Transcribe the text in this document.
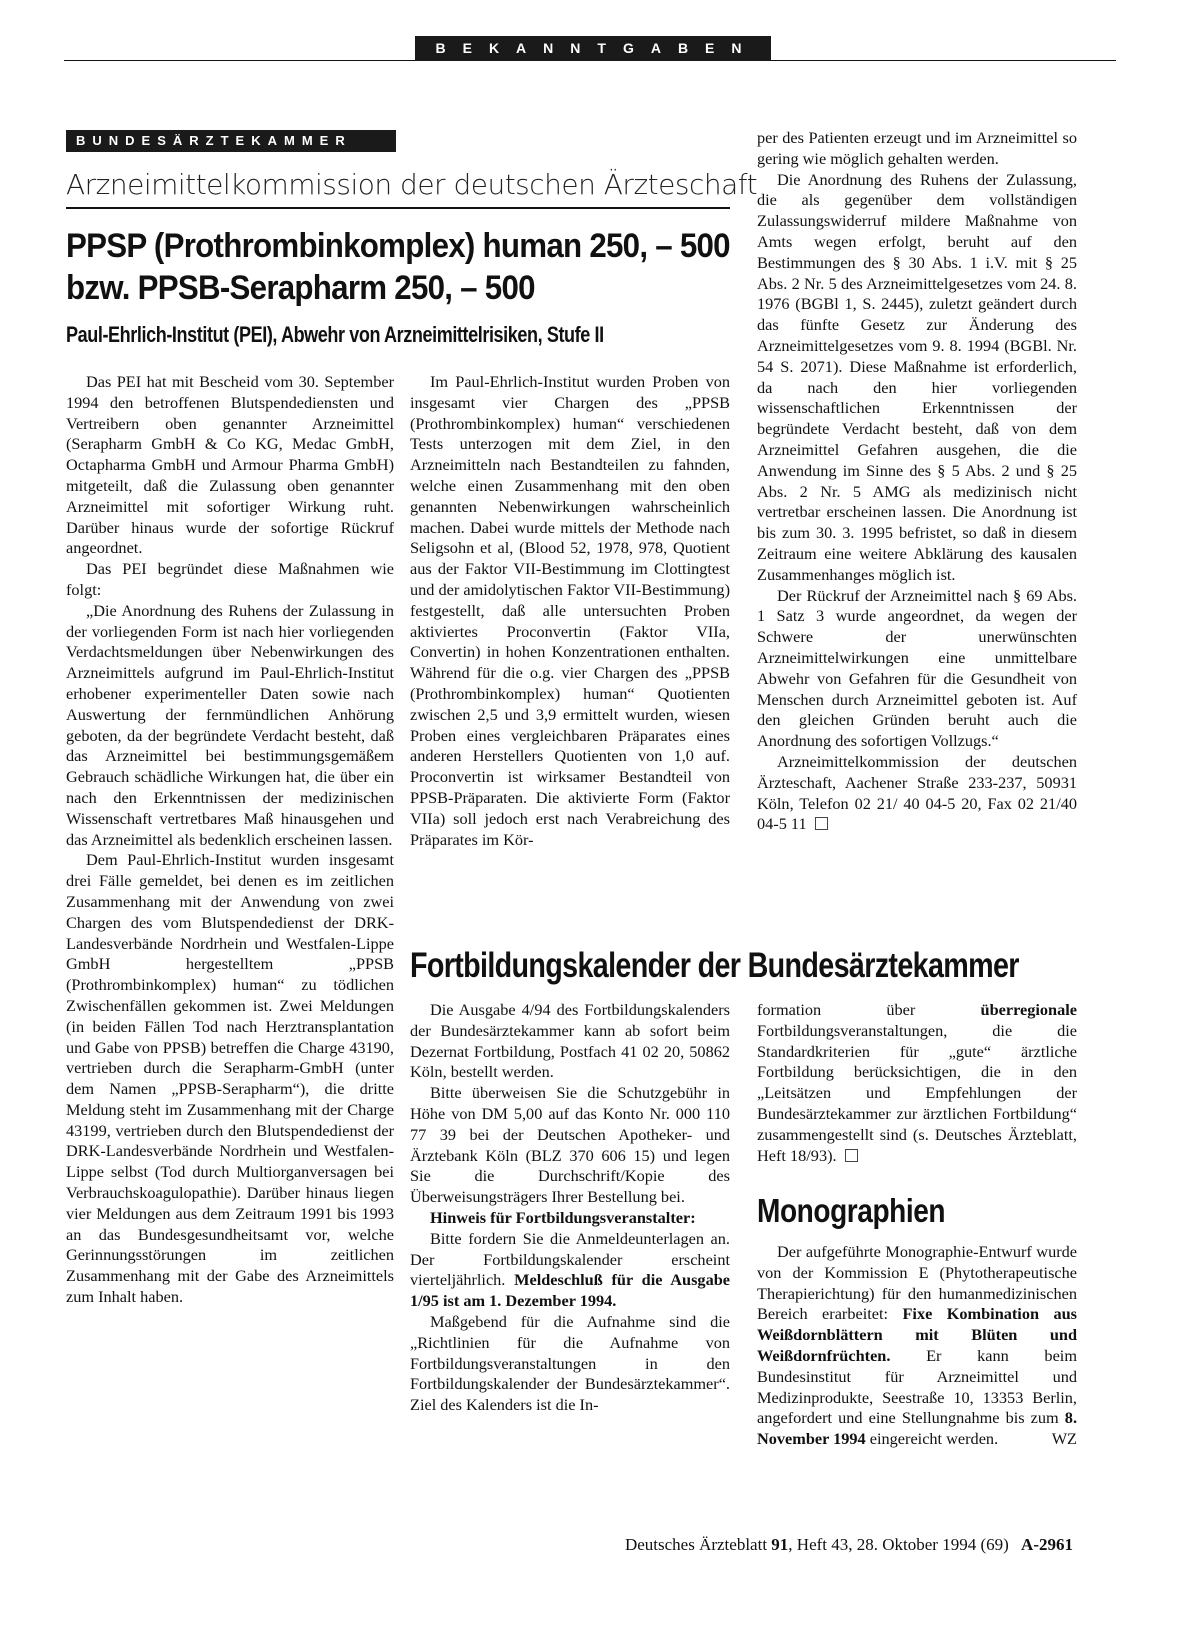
BEKANNTGABEN
BUNDESÄRZTEKAMMER
Arzneimittelkommission der deutschen Ärzteschaft
PPSP (Prothrombinkomplex) human 250, – 500
bzw. PPSB-Serapharm 250, – 500
Paul-Ehrlich-Institut (PEI), Abwehr von Arzneimittelrisiken, Stufe II

Das PEI hat mit Bescheid vom 30. September 1994 den betroffenen Blutspendediensten und Vertreibern oben genannter Arzneimittel (Serapharm GmbH & Co KG, Medac GmbH, Octapharma GmbH und Armour Pharma GmbH) mitgeteilt, daß die Zulassung oben genannter Arzneimittel mit sofortiger Wirkung ruht. Darüber hinaus wurde der sofortige Rückruf angeordnet.

Das PEI begründet diese Maßnahmen wie folgt:

„Die Anordnung des Ruhens der Zulassung in der vorliegenden Form ist nach hier vorliegenden Verdachtsmeldungen über Nebenwirkungen des Arzneimittels aufgrund im Paul-Ehrlich-Institut erhobener experimenteller Daten sowie nach Auswertung der fernmündlichen Anhörung geboten, da der begründete Verdacht besteht, daß das Arzneimittel bei bestimmungsgemäßem Gebrauch schädliche Wirkungen hat, die über ein nach den Erkenntnissen der medizinischen Wissenschaft vertretbares Maß hinausgehen und das Arzneimittel als bedenklich erscheinen lassen.

Dem Paul-Ehrlich-Institut wurden insgesamt drei Fälle gemeldet, bei denen es im zeitlichen Zusammenhang mit der Anwendung von zwei Chargen des vom Blutspendedienst der DRK-Landesverbände Nordrhein und Westfalen-Lippe GmbH hergestelltem „PPSB (Prothrombinkomplex) human“ zu tödlichen Zwischenfällen gekommen ist. Zwei Meldungen (in beiden Fällen Tod nach Herztransplantation und Gabe von PPSB) betreffen die Charge 43190, vertrieben durch die Serapharm-GmbH (unter dem Namen „PPSB-Serapharm“), die dritte Meldung steht im Zusammenhang mit der Charge 43199, vertrieben durch den Blutspendedienst der DRK-Landesverbände Nordrhein und Westfalen-Lippe selbst (Tod durch Multiorganversagen bei Verbrauchskoagulopathie). Darüber hinaus liegen vier Meldungen aus dem Zeitraum 1991 bis 1993 an das Bundesgesundheitsamt vor, welche Gerinnungsstörungen im zeitlichen Zusammenhang mit der Gabe des Arzneimittels zum Inhalt haben.

Im Paul-Ehrlich-Institut wurden Proben von insgesamt vier Chargen des „PPSB (Prothrombinkomplex) human“ verschiedenen Tests unterzogen mit dem Ziel, in den Arzneimitteln nach Bestandteilen zu fahnden, welche einen Zusammenhang mit den oben genannten Nebenwirkungen wahrscheinlich machen. Dabei wurde mittels der Methode nach Seligsohn et al, (Blood 52, 1978, 978, Quotient aus der Faktor VII-Bestimmung im Clottingtest und der amidolytischen Faktor VII-Bestimmung) festgestellt, daß alle untersuchten Proben aktiviertes Proconvertin (Faktor VIIa, Convertin) in hohen Konzentrationen enthalten. Während für die o.g. vier Chargen des „PPSB (Prothrombinkomplex) human“ Quotienten zwischen 2,5 und 3,9 ermittelt wurden, wiesen Proben eines vergleichbaren Präparates eines anderen Herstellers Quotienten von 1,0 auf. Proconvertin ist wirksamer Bestandteil von PPSB-Präparaten. Die aktivierte Form (Faktor VIIa) soll jedoch erst nach Verabreichung des Präparates im Kör-

per des Patienten erzeugt und im Arzneimittel so gering wie möglich gehalten werden.

Die Anordnung des Ruhens der Zulassung, die als gegenüber dem vollständigen Zulassungswiderruf mildere Maßnahme von Amts wegen erfolgt, beruht auf den Bestimmungen des § 30 Abs. 1 i.V. mit § 25 Abs. 2 Nr. 5 des Arzneimittelgesetzes vom 24. 8. 1976 (BGBl 1, S. 2445), zuletzt geändert durch das fünfte Gesetz zur Änderung des Arzneimittelgesetzes vom 9. 8. 1994 (BGBl. Nr. 54 S. 2071). Diese Maßnahme ist erforderlich, da nach den hier vorliegenden wissenschaftlichen Erkenntnissen der begründete Verdacht besteht, daß von dem Arzneimittel Gefahren ausgehen, die die Anwendung im Sinne des § 5 Abs. 2 und § 25 Abs. 2 Nr. 5 AMG als medizinisch nicht vertretbar erscheinen lassen. Die Anordnung ist bis zum 30. 3. 1995 befristet, so daß in diesem Zeitraum eine weitere Abklärung des kausalen Zusammenhanges möglich ist.

Der Rückruf der Arzneimittel nach § 69 Abs. 1 Satz 3 wurde angeordnet, da wegen der Schwere der unerwünschten Arzneimittelwirkungen eine unmittelbare Abwehr von Gefahren für die Gesundheit von Menschen durch Arzneimittel geboten ist. Auf den gleichen Gründen beruht auch die Anordnung des sofortigen Vollzugs.“

Arzneimittelkommission der deutschen Ärzteschaft, Aachener Straße 233-237, 50931 Köln, Telefon 02 21/ 40 04-5 20, Fax 02 21/40 04-5 11

Fortbildungskalender der Bundesärztekammer

Die Ausgabe 4/94 des Fortbildungskalenders der Bundesärztekammer kann ab sofort beim Dezernat Fortbildung, Postfach 41 02 20, 50862 Köln, bestellt werden.

Bitte überweisen Sie die Schutzgebühr in Höhe von DM 5,00 auf das Konto Nr. 000 110 77 39 bei der Deutschen Apotheker- und Ärztebank Köln (BLZ 370 606 15) und legen Sie die Durchschrift/Kopie des Überweisungsträgers Ihrer Bestellung bei.

Hinweis für Fortbildungsveranstalter:

Bitte fordern Sie die Anmeldeunterlagen an. Der Fortbildungskalender erscheint vierteljährlich. Meldeschluß für die Ausgabe 1/95 ist am 1. Dezember 1994.

Maßgebend für die Aufnahme sind die „Richtlinien für die Aufnahme von Fortbildungsveranstaltungen in den Fortbildungskalender der Bundesärztekammer“. Ziel des Kalenders ist die In-

formation über	überregionale Fortbildungsveranstaltungen, die die Standardkriterien für „gute“ ärztliche Fortbildung berücksichtigen, die in den „Leitsätzen und Empfehlungen der Bundesärztekammer zur ärztlichen Fortbildung“ zusammengestellt sind (s. Deutsches Ärzteblatt, Heft 18/93).

Monographien

Der aufgeführte Monographie-Entwurf wurde von der Kommission E (Phytotherapeutische Therapierichtung) für den humanmedizinischen Bereich erarbeitet: Fixe Kombination aus Weißdornblättern mit Blüten und Weißdornfrüchten. Er kann beim Bundesinstitut für Arzneimittel und Medizinprodukte, Seestraße 10, 13353 Berlin, angefordert und eine Stellungnahme bis zum 8. November 1994 eingereicht werden.	WZ

Deutsches Ärzteblatt 91, Heft 43, 28. Oktober 1994 (69) A-2961
